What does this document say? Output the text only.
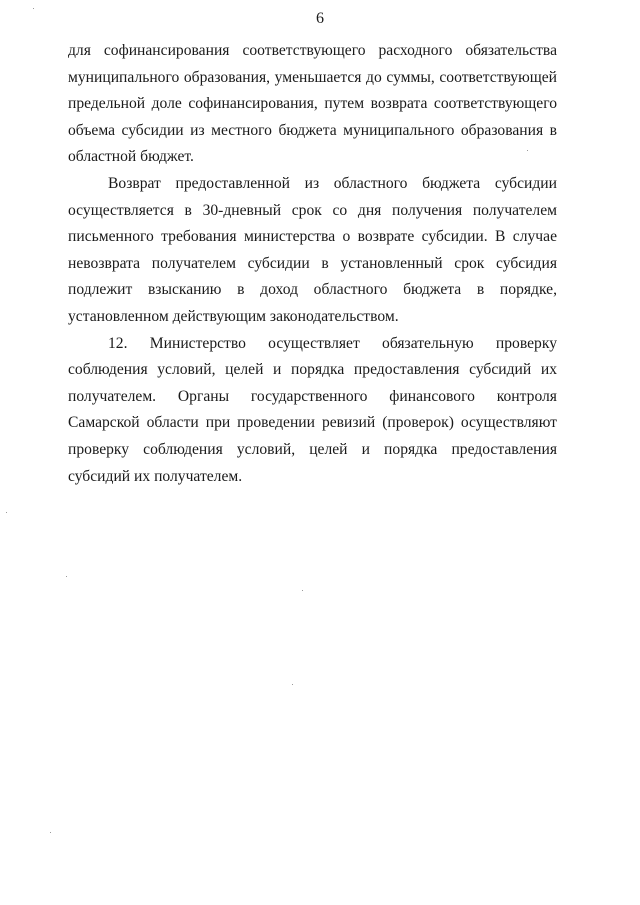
6

для софинансирования соответствующего расходного обязательства муниципального образования, уменьшается до суммы, соответствующей предельной доле софинансирования, путем возврата соответствующего объема субсидии из местного бюджета муниципального образования в областной бюджет.

Возврат предоставленной из областного бюджета субсидии осуществляется в 30-дневный срок со дня получения получателем письменного требования министерства о возврате субсидии. В случае невозврата получателем субсидии в установленный срок субсидия подлежит взысканию в доход областного бюджета в порядке, установленном действующим законодательством.

12. Министерство осуществляет обязательную проверку соблюдения условий, целей и порядка предоставления субсидий их получателем. Органы государственного финансового контроля Самарской области при проведении ревизий (проверок) осуществляют проверку соблюдения условий, целей и порядка предоставления субсидий их получателем.
